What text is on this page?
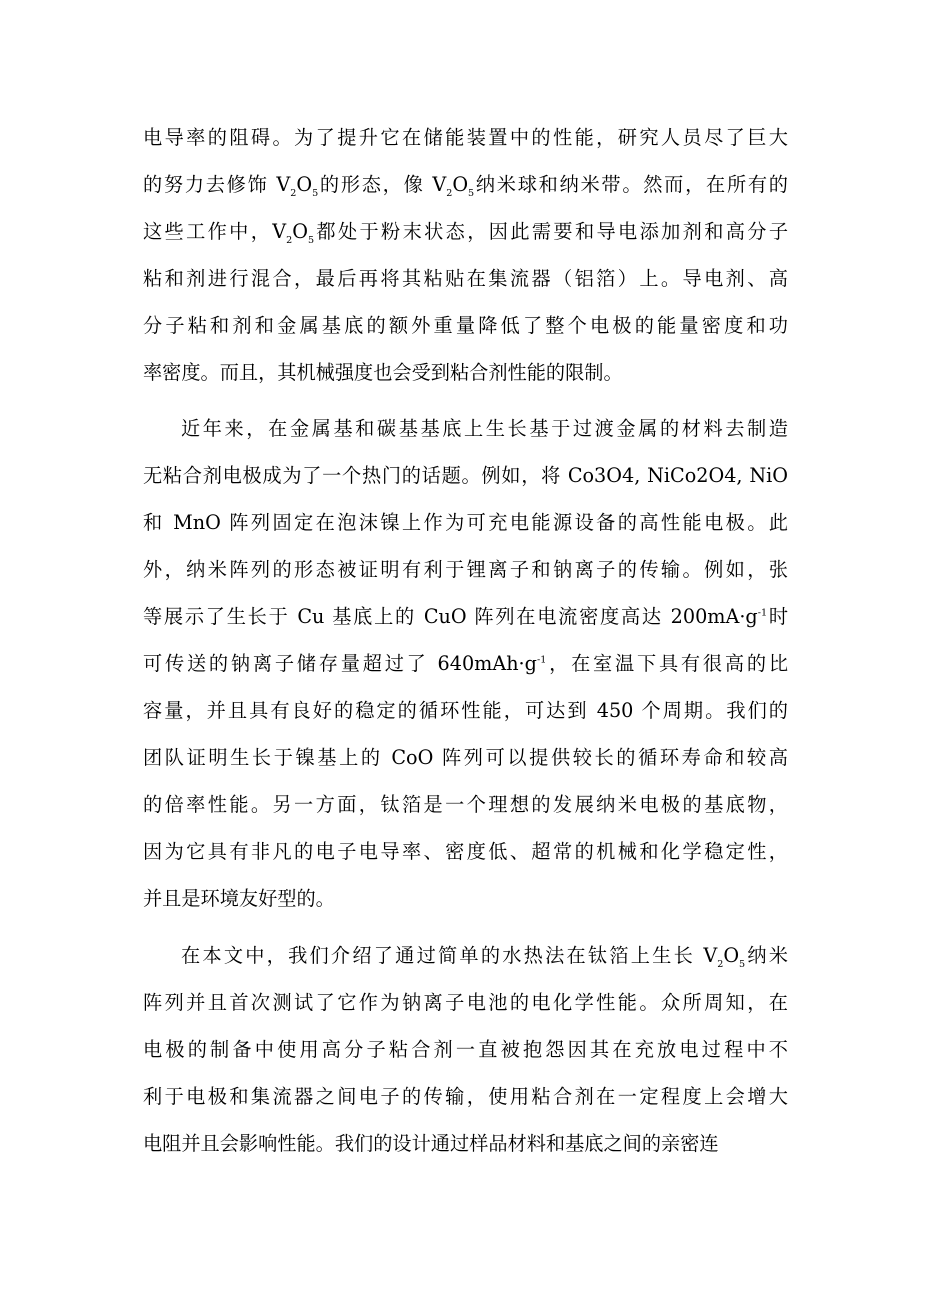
电导率的阻碍。为了提升它在储能装置中的性能，研究人员尽了巨大
的努力去修饰 $V_2O_5$的形态，像 $V_2O_5$纳米球和纳米带。然而，在所有的
这些工作中，$V_2O_5$都处于粉末状态，因此需要和导电添加剂和高分子
粘和剂进行混合，最后再将其粘贴在集流器（铝箔）上。导电剂、高
分子粘和剂和金属基底的额外重量降低了整个电极的能量密度和功
率密度。而且，其机械强度也会受到粘合剂性能的限制。
近年来，在金属基和碳基基底上生长基于过渡金属的材料去制造
无粘合剂电极成为了一个热门的话题。例如，将 Co3O4, NiCo2O4, NiO
和 MnO 阵列固定在泡沫镍上作为可充电能源设备的高性能电极。此
外，纳米阵列的形态被证明有利于锂离子和钠离子的传输。例如，张
等展示了生长于 Cu 基底上的 CuO 阵列在电流密度高达 $200mA\cdot g^{-1}$时
可传送的钠离子储存量超过了 $640mAh\cdot g^{-1}$，在室温下具有很高的比
容量，并且具有良好的稳定的循环性能，可达到 450 个周期。我们的
团队证明生长于镍基上的 CoO 阵列可以提供较长的循环寿命和较高
的倍率性能。另一方面，钛箔是一个理想的发展纳米电极的基底物，
因为它具有非凡的电子电导率、密度低、超常的机械和化学稳定性，
并且是环境友好型的。
在本文中，我们介绍了通过简单的水热法在钛箔上生长 $V_2O_5$纳米
阵列并且首次测试了它作为钠离子电池的电化学性能。众所周知，在
电极的制备中使用高分子粘合剂一直被抱怨因其在充放电过程中不
利于电极和集流器之间电子的传输，使用粘合剂在一定程度上会增大
电阻并且会影响性能。我们的设计通过样品材料和基底之间的亲密连
